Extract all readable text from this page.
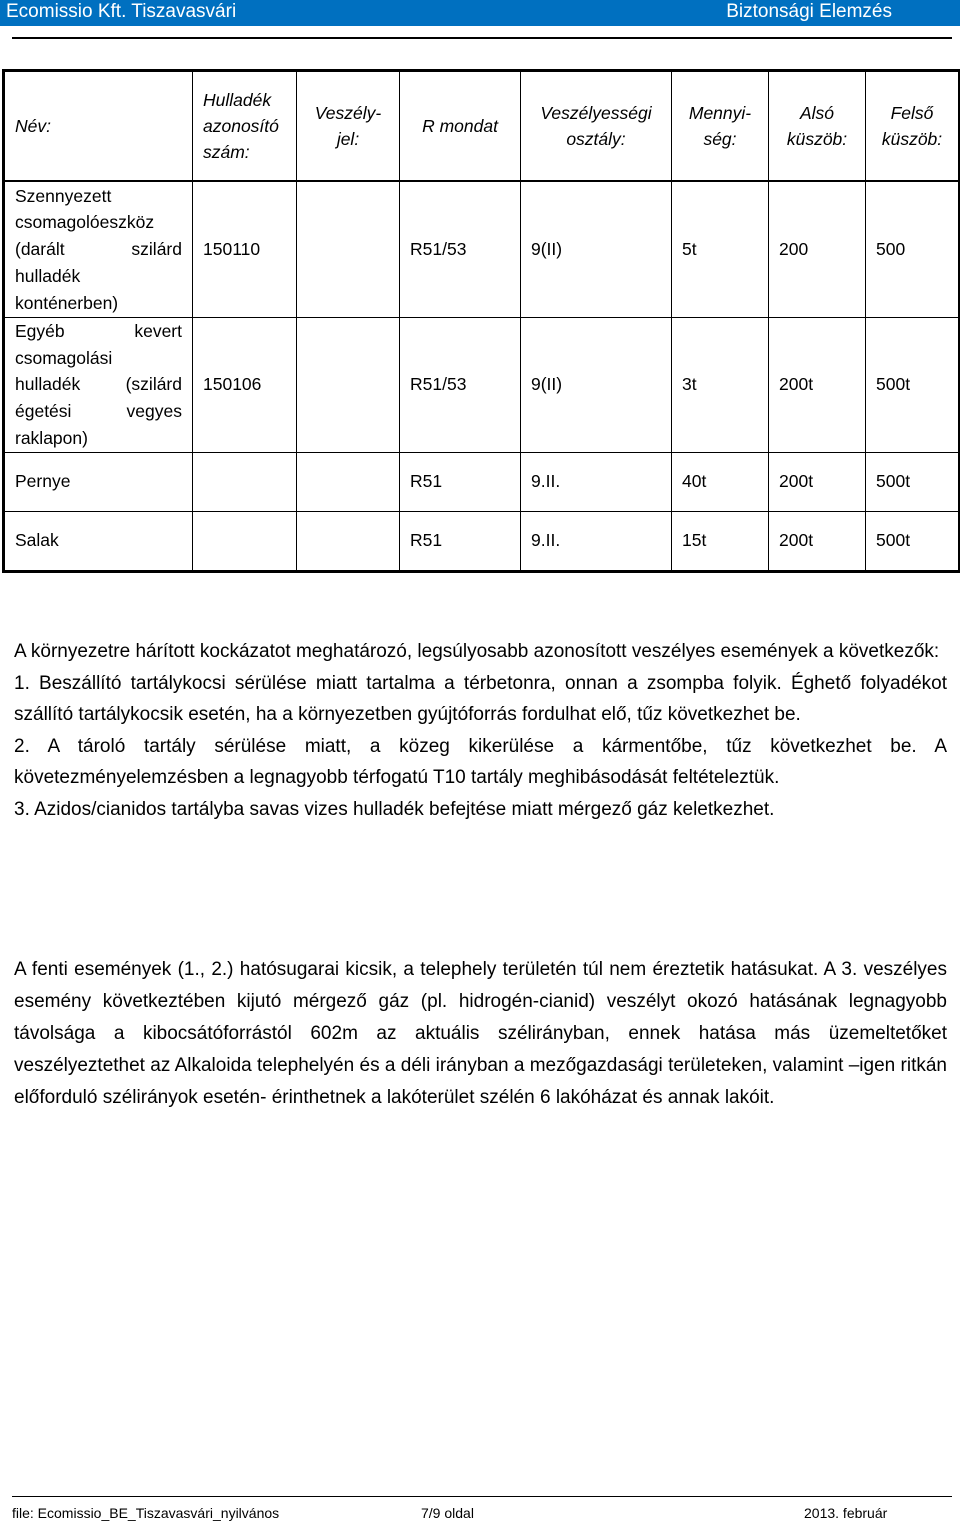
Ecomissio Kft. Tiszavasvári	Biztonsági Elemzés
Név:	Hulladék azonosító szám:	Veszély-jel:	R mondat	Veszélyességi osztály:	Mennyi-ség:	Alsó küszöb:	Felső küszöb:
Szennyezett csomagolóeszköz (darált szilárd hulladék konténerben)	150110		R51/53	9(II)	5t	200	500
Egyéb kevert csomagolási hulladék (szilárd égetési vegyes raklapon)	150106		R51/53	9(II)	3t	200t	500t
Pernye			R51	9.II.	40t	200t	500t
Salak			R51	9.II.	15t	200t	500t
A környezetre hárított kockázatot meghatározó, legsúlyosabb azonosított veszélyes események a következők:
1. Beszállító tartálykocsi sérülése miatt tartalma a térbetonra, onnan a zsompba folyik. Éghető folyadékot szállító tartálykocsik esetén, ha a környezetben gyújtóforrás fordulhat elő, tűz következhet be.
2. A tároló tartály sérülése miatt, a közeg kikerülése a kármentőbe, tűz következhet be. A követezményelemzésben a legnagyobb térfogatú T10 tartály meghibásodását feltételeztük.
3. Azidos/cianidos tartályba savas vizes hulladék befejtése miatt mérgező gáz keletkezhet.
A fenti események (1., 2.) hatósugarai kicsik, a telephely területén túl nem éreztetik hatásukat. A 3. veszélyes esemény következtében kijutó mérgező gáz (pl. hidrogén-cianid) veszélyt okozó hatásának legnagyobb távolsága a kibocsátóforrástól 602m az aktuális szélirányban, ennek hatása más üzemeltetőket veszélyeztethet az Alkaloida telephelyén és a déli irányban a mezőgazdasági területeken, valamint –igen ritkán előforduló szélirányok esetén- érinthetnek a lakóterület szélén 6 lakóházat és annak lakóit.
file: Ecomissio_BE_Tiszavasvári_nyilvános	7/9 oldal	2013. február
